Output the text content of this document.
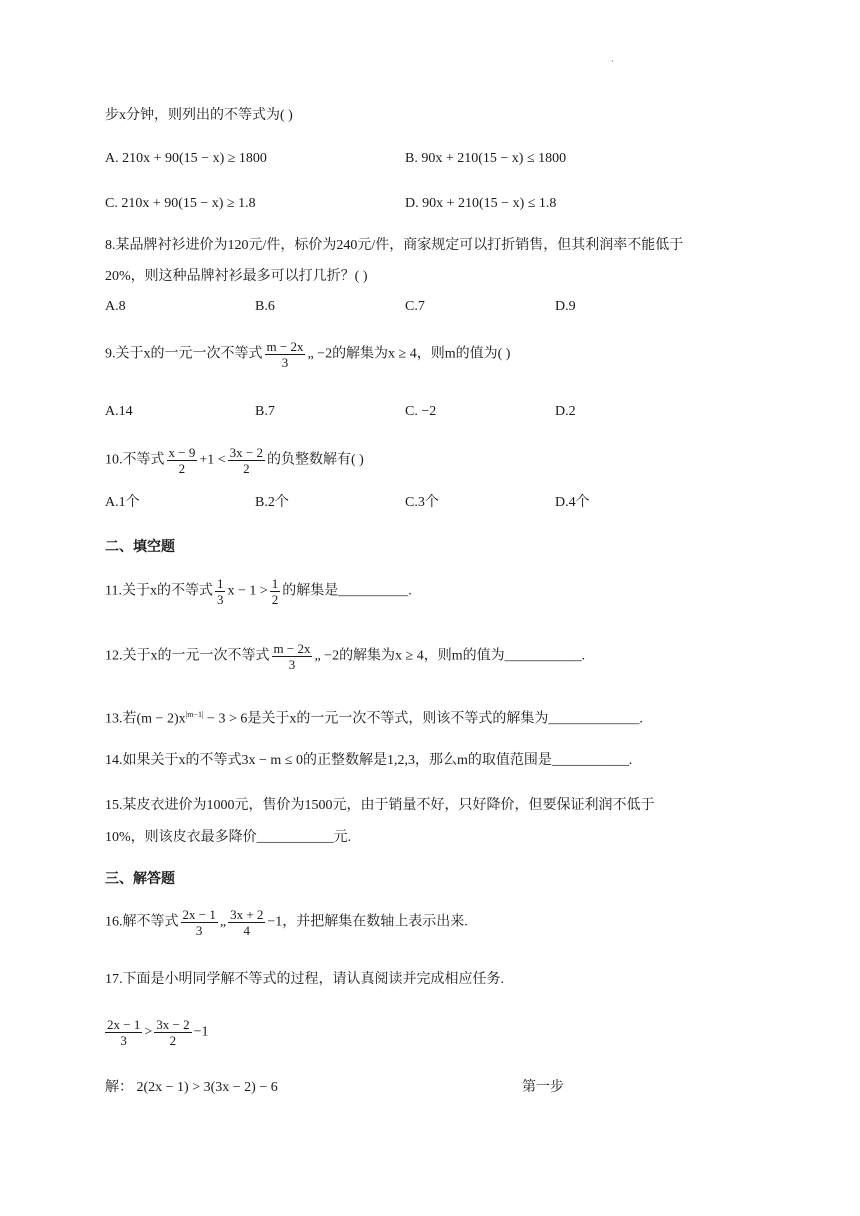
·
步x分钟，则列出的不等式为( )
A. 210x + 90(15 − x) ≥ 1800	B. 90x + 210(15 − x) ≤ 1800
C. 210x + 90(15 − x) ≥ 1.8	D. 90x + 210(15 − x) ≤ 1.8
8.某品牌衬衫进价为120元/件，标价为240元/件，商家规定可以打折销售，但其利润率不能低于
20%，则这种品牌衬衫最多可以打几折？( )
A.8	B.6	C.7	D.9
9.关于x的一元一次不等式 $\frac{m - 2x}{3}$ „ −2的解集为x ≥ 4，则m的值为( )
A.14	B.7	C. −2	D.2
10.不等式 $\frac{x - 9}{2} +1 < \frac{3x - 2}{2}$ 的负整数解有( )
A.1个	B.2个	C.3个	D.4个
二、填空题
11.关于x的不等式 $\frac{1}{3}$ $x - 1 > \frac{1}{2}$ 的解集是__________.
12.关于x的一元一次不等式 $\frac{m - 2x}{3}$ „ −2的解集为x ≥ 4，则m的值为___________.
13.若$(m - 2)x^{|m-1|} - 3 > 6$是关于x的一元一次不等式，则该不等式的解集为_____________.
14.如果关于x的不等式3x − m ≤ 0的正整数解是1,2,3，那么m的取值范围是___________.
15.某皮衣进价为1000元，售价为1500元，由于销量不好，只好降价，但要保证利润不低于
10%，则该皮衣最多降价___________元.
三、解答题
16.解不等式 $\frac{2x - 1}{3}$ „ $\frac{3x + 2}{4} -1$，并把解集在数轴上表示出来.
17.下面是小明同学解不等式的过程，请认真阅读并完成相应任务.
$\frac{2x - 1}{3} > \frac{3x - 2}{2} -1$
解： 2(2x − 1) > 3(3x − 2) − 6	第一步
